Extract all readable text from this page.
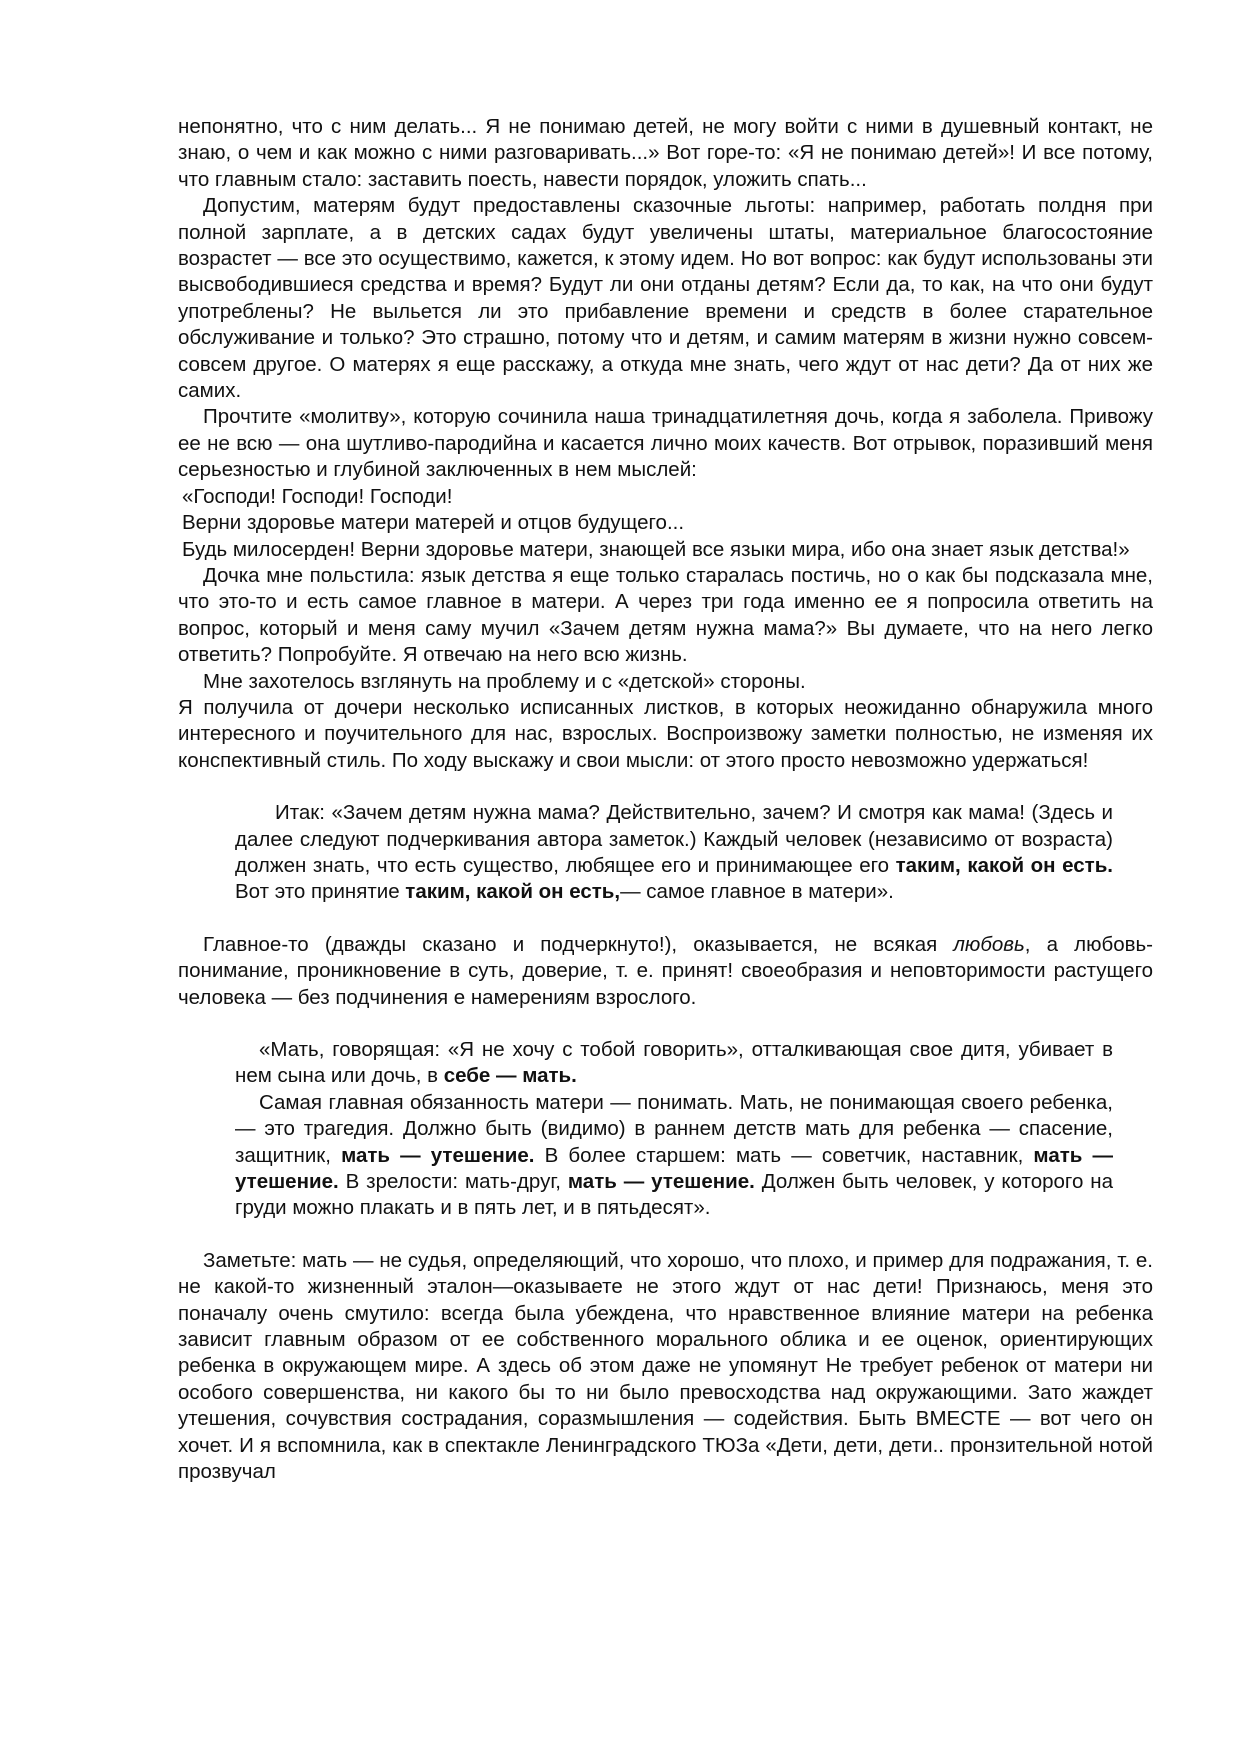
непонятно, что с ним делать... Я не понимаю детей, не могу войти с ними в душевный контакт, не знаю, о чем и как можно с ними разговаривать...» Вот горе-то: «Я не понимаю детей»! И все потому, что главным стало: заставить поесть, навести порядок, уложить спать...

Допустим, матерям будут предоставлены сказочные льготы: например, работать полдня при полной зарплате, а в детских садах будут увеличены штаты, материальное благосостояние возрастет — все это осуществимо, кажется, к этому идем. Но вот вопрос: как будут использованы эти высвободившиеся средства и время? Будут ли они отданы детям? Если да, то как, на что они будут употреблены? Не выльется ли это прибавление времени и средств в более старательное обслуживание и только? Это страшно, потому что и детям, и самим матерям в жизни нужно совсем-совсем другое. О матерях я еще расскажу, а откуда мне знать, чего ждут от нас дети? Да от них же самих.

Прочтите «молитву», которую сочинила наша тринадцатилетняя дочь, когда я заболела. Привожу ее не всю — она шутливо-пародийна и касается лично моих качеств. Вот отрывок, поразивший меня серьезностью и глубиной заключенных в нем мыслей:

«Господи! Господи! Господи!

Верни здоровье матери матерей и отцов будущего...

Будь милосерден! Верни здоровье матери, знающей все языки мира, ибо она знает язык детства!»

Дочка мне польстила: язык детства я еще только старалась постичь, но о как бы подсказала мне, что это-то и есть самое главное в матери. А через три года именно ее я попросила ответить на вопрос, который и меня саму мучил «Зачем детям нужна мама?» Вы думаете, что на него легко ответить? Попробуйте. Я отвечаю на него всю жизнь.

Мне захотелось взглянуть на проблему и с «детской» стороны.

Я получила от дочери несколько исписанных листков, в которых неожиданно обнаружила много интересного и поучительного для нас, взрослых. Воспроизвожу заметки полностью, не изменяя их конспективный стиль. По ходу выскажу и свои мысли: от этого просто невозможно удержаться!

Итак: «Зачем детям нужна мама? Действительно, зачем? И смотря как мама! (Здесь и далее следуют подчеркивания автора заметок.) Каждый человек (независимо от возраста) должен знать, что есть существо, любящее его и принимающее его таким, какой он есть. Вот это принятие таким, какой он есть,— самое главное в матери».

Главное-то (дважды сказано и подчеркнуто!), оказывается, не всякая любовь, а любовь-понимание, проникновение в суть, доверие, т. е. принят! своеобразия и неповторимости растущего человека — без подчинения е намерениям взрослого.

«Мать, говорящая: «Я не хочу с тобой говорить», отталкивающая свое дитя, убивает в нем сына или дочь, в себе — мать.

Самая главная обязанность матери — понимать. Мать, не понимающая своего ребенка,— это трагедия. Должно быть (видимо) в раннем детств мать для ребенка — спасение, защитник, мать — утешение. В более старшем: мать — советчик, наставник, мать — утешение. В зрелости: мать-друг, мать — утешение. Должен быть человек, у которого на груди можно плакать и в пять лет, и в пятьдесят».

Заметьте: мать — не судья, определяющий, что хорошо, что плохо, и пример для подражания, т. е. не какой-то жизненный эталон—оказываете не этого ждут от нас дети! Признаюсь, меня это поначалу очень смутило: всегда была убеждена, что нравственное влияние матери на ребенка зависит главным образом от ее собственного морального облика и ее оценок, ориентирующих ребенка в окружающем мире. А здесь об этом даже не упомянут Не требует ребенок от матери ни особого совершенства, ни какого бы то ни было превосходства над окружающими. Зато жаждет утешения, сочувствия сострадания, соразмышления — содействия. Быть ВМЕСТЕ — вот чего он хочет. И я вспомнила, как в спектакле Ленинградского ТЮЗа «Дети, дети, дети.. пронзительной нотой прозвучал
